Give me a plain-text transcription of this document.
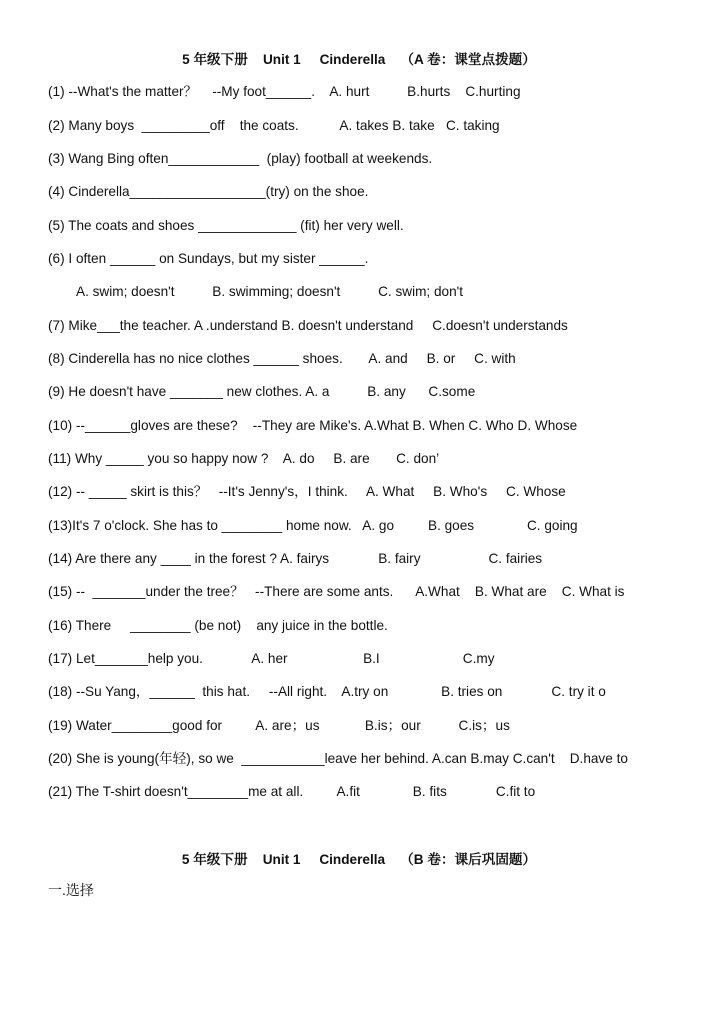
5 年级下册    Unit 1     Cinderella    （A 卷：课堂点拨题）
(1) --What's the matter？    --My foot______.    A. hurt          B.hurts    C.hurting
(2) Many boys  _________off    the coats.           A. takes B. take   C. taking
(3) Wang Bing often____________  (play) football at weekends.
(4) Cinderella__________________(try) on the shoe.
(5) The coats and shoes _____________ (fit) her very well.
(6) I often ______ on Sundays, but my sister ______.
A. swim; doesn't          B. swimming; doesn't          C. swim; don't
(7) Mike___the teacher. A .understand B. doesn't understand     C.doesn't understands
(8) Cinderella has no nice clothes ______ shoes.       A. and     B. or     C. with
(9) He doesn't have _______ new clothes. A. a          B. any      C.some
(10) --______gloves are these?    --They are Mike's. A.What B. When C. Who D. Whose
(11) Why _____ you so happy now ?    A. do     B. are       C. don’
(12) -- _____ skirt is this？   --It's Jenny's，I think.     A. What     B. Who's     C. Whose
(13)It's 7 o'clock. She has to ________ home now.   A. go         B. goes              C. going
(14) Are there any ____ in the forest ? A. fairys             B. fairy                  C. fairies
(15) --  _______under the tree？   --There are some ants.      A.What    B. What are    C. What is
(16) There     ________ (be not)    any juice in the bottle.
(17) Let_______help you.             A. her                    B.I                      C.my
(18) --Su Yang，______  this hat.     --All right.    A.try on              B. tries on             C. try it o
(19) Water________good for         A. are；us            B.is；our          C.is；us
(20) She is young(年轻), so we  ___________leave her behind. A.can B.may C.can't    D.have to
(21) The T-shirt doesn't________me at all.         A.fit              B. fits             C.fit to
5 年级下册    Unit 1     Cinderella    （B 卷：课后巩固题）
一.选择
